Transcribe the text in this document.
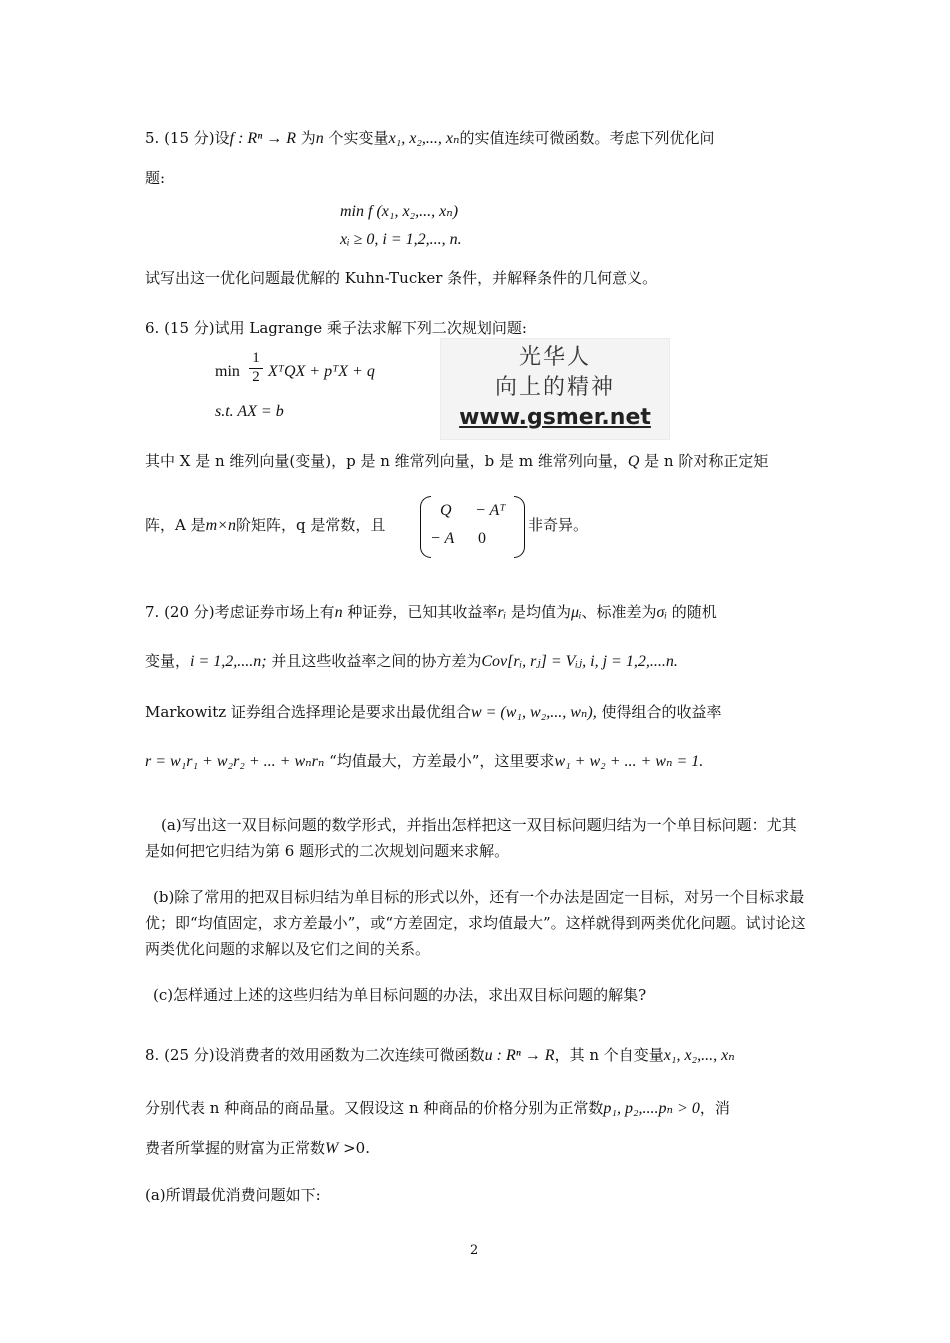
5. (15 分)设f : Rⁿ → R 为n 个实变量x₁, x₂,..., xₙ的实值连续可微函数。考虑下列优化问
题:
min f (x₁, x₂,..., xₙ)
xᵢ ≥ 0, i = 1,2,..., n.
试写出这一优化问题最优解的 Kuhn-Tucker 条件，并解释条件的几何意义。
6. (15 分)试用 Lagrange 乘子法求解下列二次规划问题:
$\min \frac{1}{2}$ XᵀQX + pᵀX + q
s.t. AX = b
光华人
向上的精神
www.gsmer.net
其中 X 是 n 维列向量(变量)，p 是 n 维常列向量，b 是 m 维常列向量，Q 是 n 阶对称正定矩
阵，A 是m×n阶矩阵，q 是常数，且
Q − Aᵀ
− A 0
非奇异。
7. (20 分)考虑证券市场上有n 种证券，已知其收益率rᵢ 是均值为μᵢ、标准差为σᵢ 的随机
变量，i = 1,2,....n; 并且这些收益率之间的协方差为Cov[rᵢ, rⱼ] = Vᵢⱼ, i, j = 1,2,....n.
Markowitz 证券组合选择理论是要求出最优组合w = (w₁, w₂,..., wₙ), 使得组合的收益率
r = w₁r₁ + w₂r₂ + ... + wₙrₙ “均值最大，方差最小”，这里要求w₁ + w₂ + ... + wₙ = 1.
(a)写出这一双目标问题的数学形式，并指出怎样把这一双目标问题归结为一个单目标问题：尤其是如何把它归结为第 6 题形式的二次规划问题来求解。
(b)除了常用的把双目标归结为单目标的形式以外，还有一个办法是固定一目标，对另一个目标求最优；即“均值固定，求方差最小”，或“方差固定，求均值最大”。这样就得到两类优化问题。试讨论这两类优化问题的求解以及它们之间的关系。
(c)怎样通过上述的这些归结为单目标问题的办法，求出双目标问题的解集?
8. (25 分)设消费者的效用函数为二次连续可微函数u : Rⁿ → R，其 n 个自变量x₁, x₂,..., xₙ
分别代表 n 种商品的商品量。又假设这 n 种商品的价格分别为正常数p₁, p₂,....pₙ > 0，消
费者所掌握的财富为正常数W >0.
(a)所谓最优消费问题如下:
2
